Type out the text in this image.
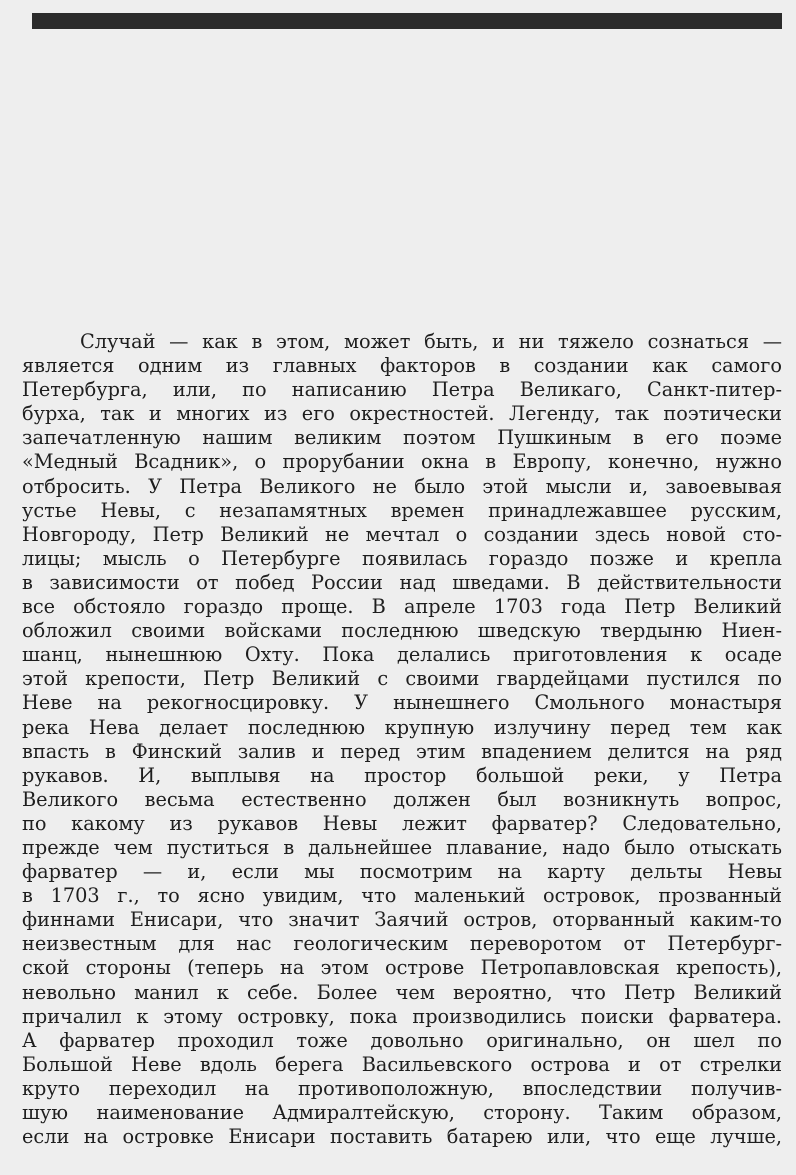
Случай — как в этом, может быть, и ни тяжело сознаться —
является одним из главных факторов в создании как самого
Петербурга, или, по написанию Петра Великаго, Санкт-питер-
бурха, так и многих из его окрестностей. Легенду, так поэтически
запечатленную нашим великим поэтом Пушкиным в его поэме
«Медный Всадник», о прорубании окна в Европу, конечно, нужно
отбросить. У Петра Великого не было этой мысли и, завоевывая
устье Невы, с незапамятных времен принадлежавшее русским,
Новгороду, Петр Великий не мечтал о создании здесь новой сто-
лицы; мысль о Петербурге появилась гораздо позже и крепла
в зависимости от побед России над шведами. В действительности
все обстояло гораздо проще. В апреле 1703 года Петр Великий
обложил своими войсками последнюю шведскую твердыню Ниен-
шанц, нынешнюю Охту. Пока делались приготовления к осаде
этой крепости, Петр Великий с своими гвардейцами пустился по
Неве на рекогносцировку. У нынешнего Смольного монастыря
река Нева делает последнюю крупную излучину перед тем как
впасть в Финский залив и перед этим впадением делится на ряд
рукавов. И, выплывя на простор большой реки, у Петра
Великого весьма естественно должен был возникнуть вопрос,
по какому из рукавов Невы лежит фарватер? Следовательно,
прежде чем пуститься в дальнейшее плавание, надо было отыскать
фарватер — и, если мы посмотрим на карту дельты Невы
в 1703 г., то ясно увидим, что маленький островок, прозванный
финнами Енисари, что значит Заячий остров, оторванный каким-то
неизвестным для нас геологическим переворотом от Петербург-
ской стороны (теперь на этом острове Петропавловская крепость),
невольно манил к себе. Более чем вероятно, что Петр Великий
причалил к этому островку, пока производились поиски фарватера.
А фарватер проходил тоже довольно оригинально, он шел по
Большой Неве вдоль берега Васильевского острова и от стрелки
круто переходил на противоположную, впоследствии получив-
шую наименование Адмиралтейскую, сторону. Таким образом,
если на островке Енисари поставить батарею или, что еще лучше,
